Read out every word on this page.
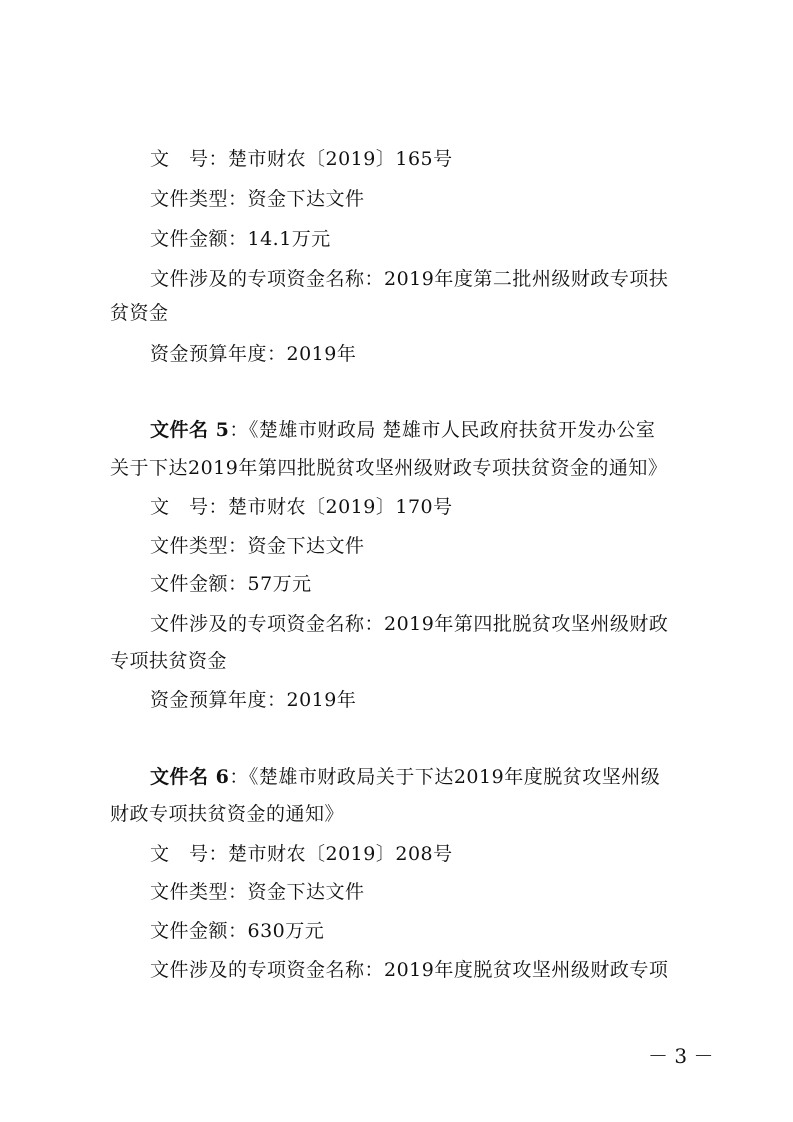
文　号：楚市财农〔2019〕165号
文件类型：资金下达文件
文件金额：14.1万元
文件涉及的专项资金名称：2019年度第二批州级财政专项扶
贫资金
资金预算年度：2019年
文件名 5：《楚雄市财政局 楚雄市人民政府扶贫开发办公室
关于下达2019年第四批脱贫攻坚州级财政专项扶贫资金的通知》
文　号：楚市财农〔2019〕170号
文件类型：资金下达文件
文件金额：57万元
文件涉及的专项资金名称：2019年第四批脱贫攻坚州级财政
专项扶贫资金
资金预算年度：2019年
文件名 6：《楚雄市财政局关于下达2019年度脱贫攻坚州级
财政专项扶贫资金的通知》
文　号：楚市财农〔2019〕208号
文件类型：资金下达文件
文件金额：630万元
文件涉及的专项资金名称：2019年度脱贫攻坚州级财政专项
－ 3 －
